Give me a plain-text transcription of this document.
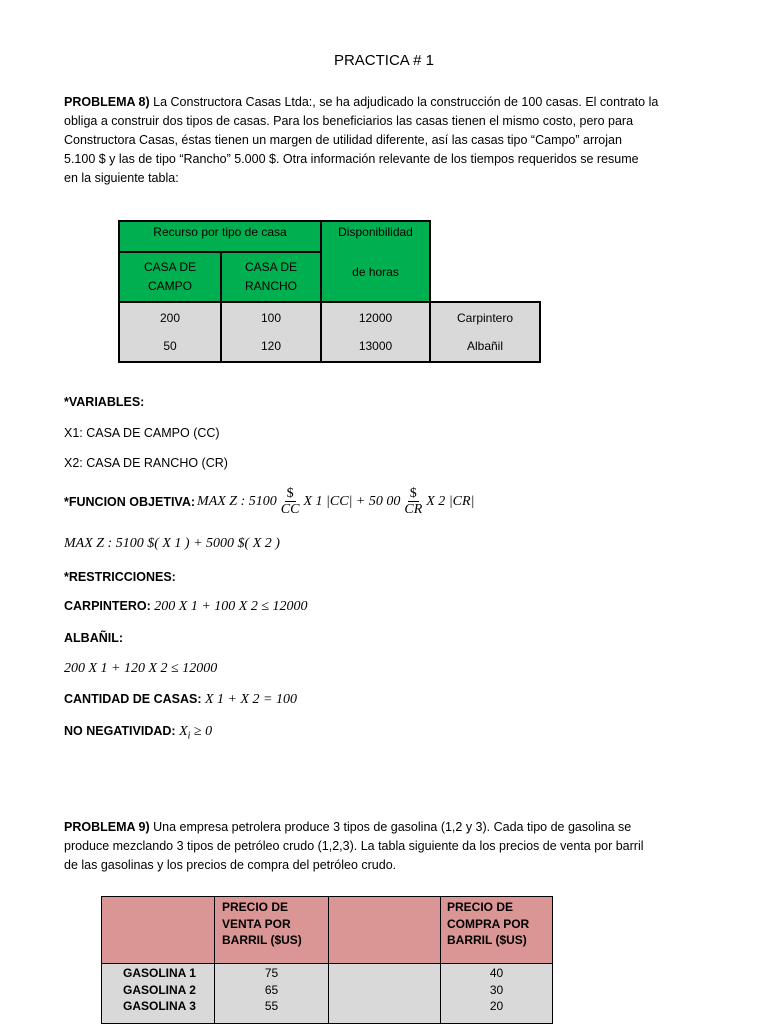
PRACTICA # 1
PROBLEMA 8) La Constructora Casas Ltda:, se ha adjudicado la construcción de 100 casas. El contrato la
obliga a construir dos tipos de casas. Para los beneficiarios las casas tienen el mismo costo, pero para
Constructora Casas, éstas tienen un margen de utilidad diferente, así las casas tipo “Campo” arrojan
5.100 $ y las de tipo “Rancho” 5.000 $. Otra información relevante de los tiempos requeridos se resume
en la siguiente tabla:
Recurso por tipo de casa
CASA DE
CAMPO
CASA DE
RANCHO
Disponibilidad
de horas
200
50
100
120
12000
13000
Carpintero
Albañil
*VARIABLES:
X1: CASA DE CAMPO (CC)
X2: CASA DE RANCHO (CR)
*FUNCION OBJETIVA: MAX Z : $5100 \frac{\$}{CC}$ X 1 | CC | + 50 $00 \frac{\$}{CR}$ X 2 | CR |
MAX Z : 5100 $( X 1 ) + 5000 $( X 2 )
*RESTRICCIONES:
CARPINTERO: 200 X 1 + 100 X 2 ≤ 12000
ALBAÑIL:
200 X 1 + 120 X 2 ≤ 12000
CANTIDAD DE CASAS: X 1 + X 2 = 100
NO NEGATIVIDAD: $X_i \ge 0$
PROBLEMA 9) Una empresa petrolera produce 3 tipos de gasolina (1,2 y 3). Cada tipo de gasolina se
produce mezclando 3 tipos de petróleo crudo (1,2,3). La tabla siguiente da los precios de venta por barril
de las gasolinas y los precios de compra del petróleo crudo.
PRECIO DE
VENTA POR
BARRIL ($US)
PRECIO DE
COMPRA POR
BARRIL ($US)
GASOLINA 1
GASOLINA 2
GASOLINA 3
75
65
55
40
30
20
